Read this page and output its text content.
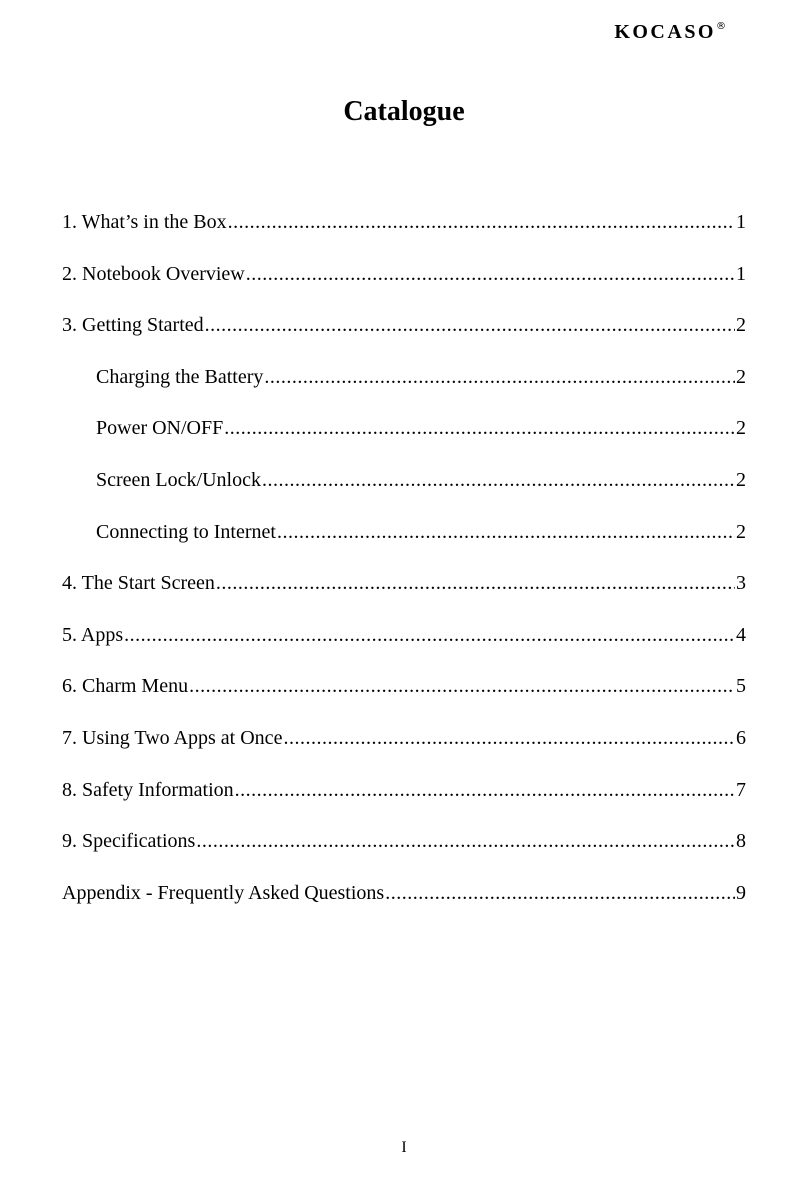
KOCASO ®
Catalogue
1. What’s in the Box .....	1
2. Notebook Overview .....	1
3. Getting Started .....	2
Charging the Battery .....	2
Power ON/OFF .....	2
Screen Lock/Unlock .....	2
Connecting to Internet .....	2
4. The Start Screen .....	3
5. Apps .....	4
6. Charm Menu .....	5
7. Using Two Apps at Once .....	6
8. Safety Information .....	7
9. Specifications .....	8
Appendix - Frequently Asked Questions .....	9
I
